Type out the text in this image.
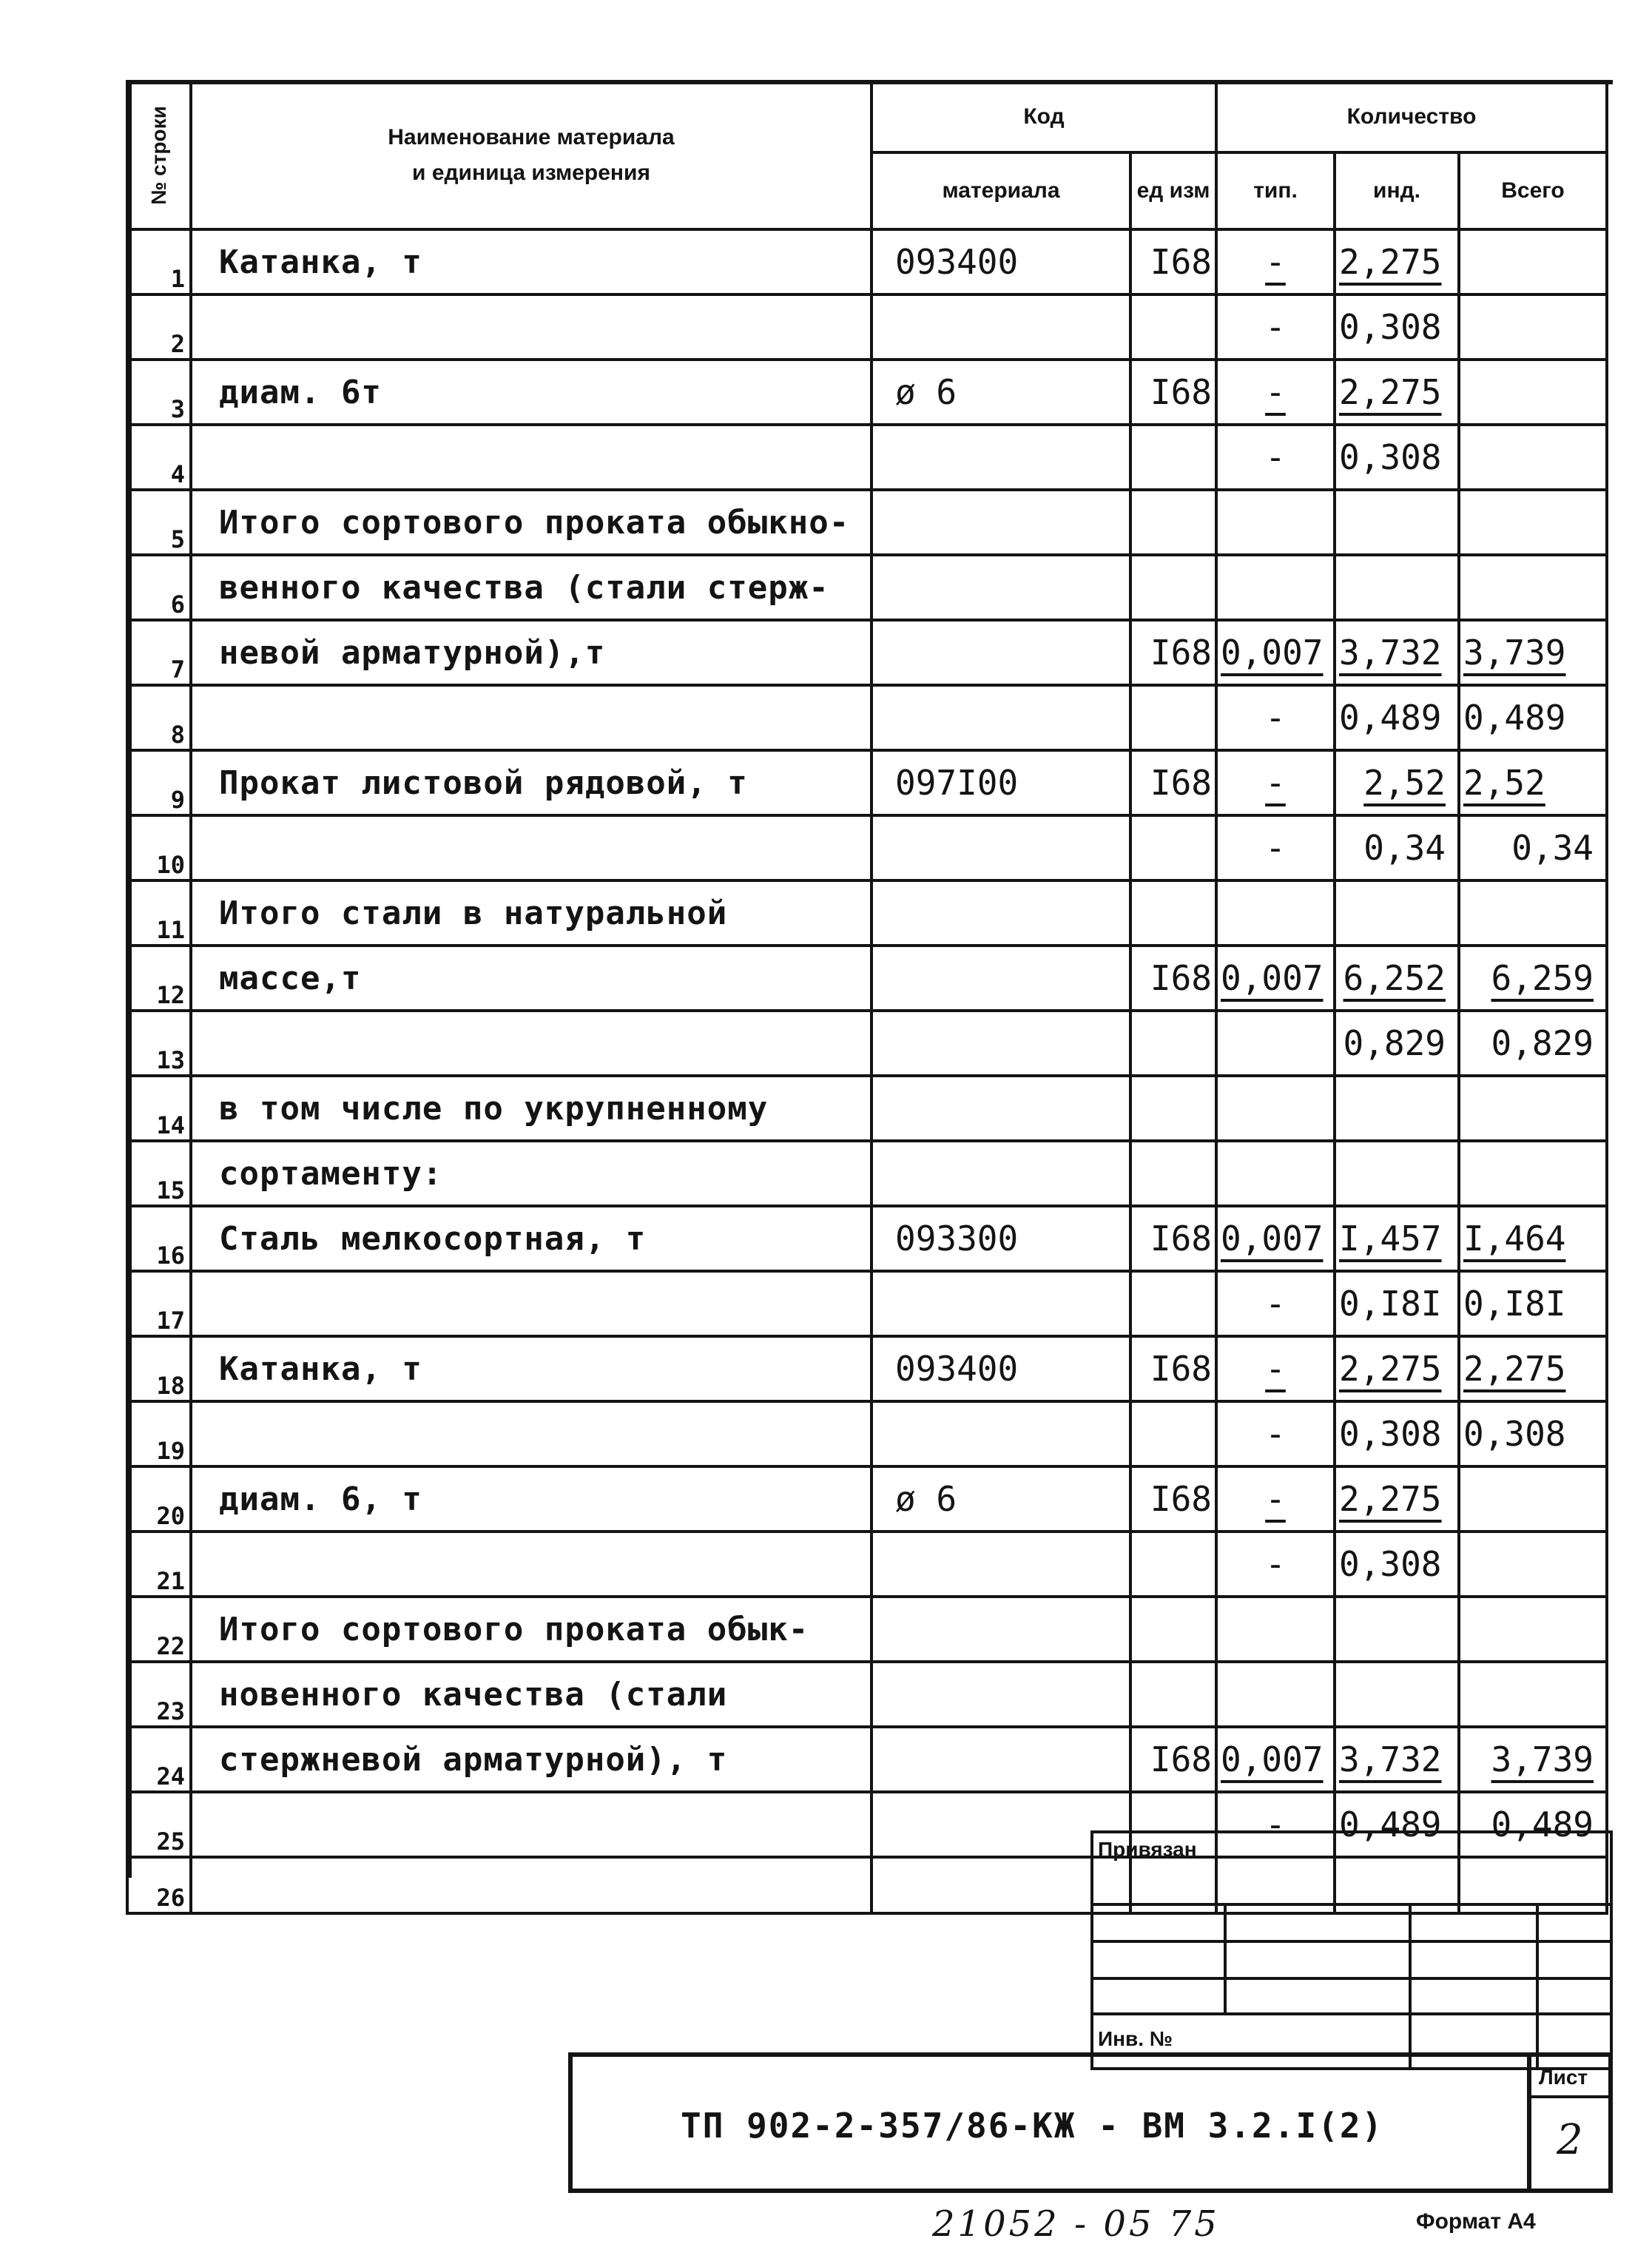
№ строки	Наименование материала
и единица измерения	Код		Количество		
		материала	ед изм	тип.	инд.	Всего
1	Катанка, т	093400	I68	-	2,275	
2				-	0,308	
3	диам. 6т	ø 6	I68	-	2,275	
4				-	0,308	
5	Итого сортового проката обыкно-					
6	венного качества (стали стерж-					
7	невой арматурной),т		I68	0,007	3,732	3,739
8				-	0,489	0,489
9	Прокат листовой рядовой, т	097I00	I68	-	2,52	2,52
10				-	0,34	0,34
11	Итого стали в натуральной					
12	массе,т		I68	0,007	6,252	6,259
13					0,829	0,829
14	в том числе по укрупненному					
15	сортаменту:					
16	Сталь мелкосортная, т	093300	I68	0,007	I,457	I,464
17				-	0,I8I	0,I8I
18	Катанка, т	093400	I68	-	2,275	2,275
19				-	0,308	0,308
20	диам. 6, т	ø 6	I68	-	2,275	
21				-	0,308	
22	Итого сортового проката обык-					
23	новенного качества (стали					
24	стержневой арматурной), т		I68	0,007	3,732	3,739
25				-	0,489	0,489
26						
Привязан
Инв. №
ТП 902-2-357/86-КЖ - ВМ 3.2.I(2)
Лист
2
21052 - 05 75	Формат A4
